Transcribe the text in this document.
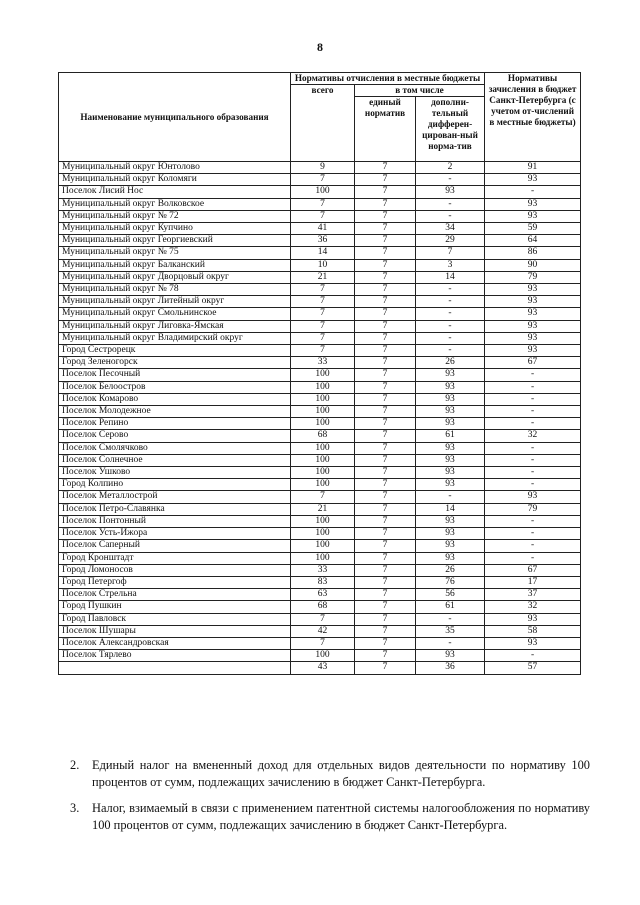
8
Наименование муниципального образования	Нормативы отчисления в местные бюджеты			Нормативы зачисления в бюджет Санкт-Петербурга (с учетом от-чиcлений в местные бюджеты)
	всего	в том числе		
		единый норматив	дополни-тельный дифферен-цирован-ный норма-тив	
Муниципальный округ Юнтолово	9	7	2	91
Муниципальный округ Коломяги	7	7	-	93
Поселок Лисий Нос	100	7	93	-
Муниципальный округ Волковское	7	7	-	93
Муниципальный округ № 72	7	7	-	93
Муниципальный округ Купчино	41	7	34	59
Муниципальный округ Георгиевский	36	7	29	64
Муниципальный округ № 75	14	7	7	86
Муниципальный округ Балканский	10	7	3	90
Муниципальный округ Дворцовый округ	21	7	14	79
Муниципальный округ № 78	7	7	-	93
Муниципальный округ Литейный округ	7	7	-	93
Муниципальный округ Смольнинское	7	7	-	93
Муниципальный округ Лиговка-Ямская	7	7	-	93
Муниципальный округ Владимирский округ	7	7	-	93
Город Сестрорецк	7	7	-	93
Город Зеленогорск	33	7	26	67
Поселок Песочный	100	7	93	-
Поселок Белоостров	100	7	93	-
Поселок Комарово	100	7	93	-
Поселок Молодежное	100	7	93	-
Поселок Репино	100	7	93	-
Поселок Серово	68	7	61	32
Поселок Смолячково	100	7	93	-
Поселок Солнечное	100	7	93	-
Поселок Ушково	100	7	93	-
Город Колпино	100	7	93	-
Поселок Металлострой	7	7	-	93
Поселок Петро-Славянка	21	7	14	79
Поселок Понтонный	100	7	93	-
Поселок Усть-Ижора	100	7	93	-
Поселок Саперный	100	7	93	-
Город Кронштадт	100	7	93	-
Город Ломоносов	33	7	26	67
Город Петергоф	83	7	76	17
Поселок Стрельна	63	7	56	37
Город Пушкин	68	7	61	32
Город Павловск	7	7	-	93
Поселок Шушары	42	7	35	58
Поселок Александровская	7	7	-	93
Поселок Тярлево	100	7	93	-
	43	7	36	57
2.	Единый налог на вмененный доход для отдельных видов деятельности по нормативу 100 процентов от сумм, подлежащих зачислению в бюджет Санкт-Петербурга.
3.	Налог, взимаемый в связи с применением патентной системы налогообложения по нормативу 100 процентов от сумм, подлежащих зачислению в бюджет Санкт-Петербурга.
